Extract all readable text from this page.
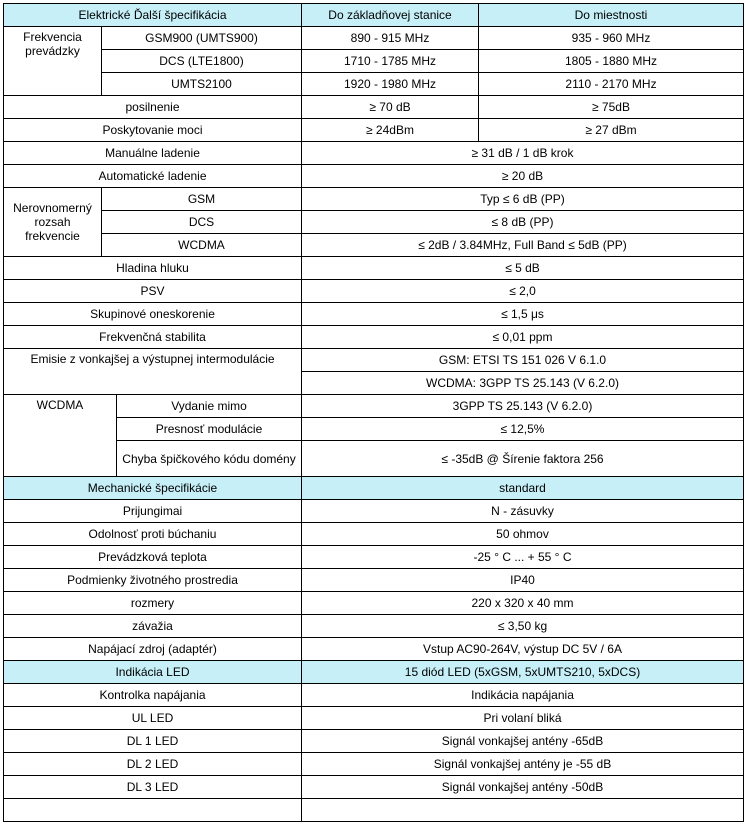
Elektrické Ďalší špecifikácia			Do základňovej stanice	Do miestnosti
Frekvencia prevádzky	GSM900 (UMTS900)		890 - 915 MHz	935 - 960 MHz
	DCS (LTE1800)		1710 - 1785 MHz	1805 - 1880 MHz
	UMTS2100		1920 - 1980 MHz	2110 - 2170 MHz
posilnenie			≥ 70 dB	≥ 75dB
Poskytovanie moci			≥ 24dBm	≥ 27 dBm
Manuálne ladenie			≥ 31 dB / 1 dB krok	
Automatické ladenie			≥ 20 dB	
Nerovnomerný rozsah frekvencie	GSM		Typ ≤ 6 dB (PP)	
	DCS		≤ 8 dB (PP)	
	WCDMA		≤ 2dB / 3.84MHz, Full Band ≤ 5dB (PP)	
Hladina hluku			≤ 5 dB	
PSV			≤ 2,0	
Skupinové oneskorenie			≤ 1,5 μs	
Frekvenčná stabilita			≤ 0,01 ppm	
Emisie z vonkajšej a výstupnej intermodulácie			GSM: ETSI TS 151 026 V 6.1.0	
			WCDMA: 3GPP TS 25.143 (V 6.2.0)	
WCDMA		Vydanie mimo	3GPP TS 25.143 (V 6.2.0)	
		Presnosť modulácie	≤ 12,5%	
		Chyba špičkového kódu domény	≤ -35dB @ Šírenie faktora 256	
Mechanické špecifikácie			standard	
Prijungimai			N - zásuvky	
Odolnosť proti búchaniu			50 ohmov	
Prevádzková teplota			-25 ° C ... + 55 ° C	
Podmienky životného prostredia			IP40	
rozmery			220 x 320 x 40 mm	
závažia			≤ 3,50 kg	
Napájací zdroj (adaptér)			Vstup AC90-264V, výstup DC 5V / 6A	
Indikácia LED			15 diód LED (5xGSM, 5xUMTS210, 5xDCS)	
Kontrolka napájania			Indikácia napájania	
UL LED			Pri volaní bliká	
DL 1 LED			Signál vonkajšej antény -65dB	
DL 2 LED			Signál vonkajšej antény je -55 dB	
DL 3 LED			Signál vonkajšej antény -50dB	
